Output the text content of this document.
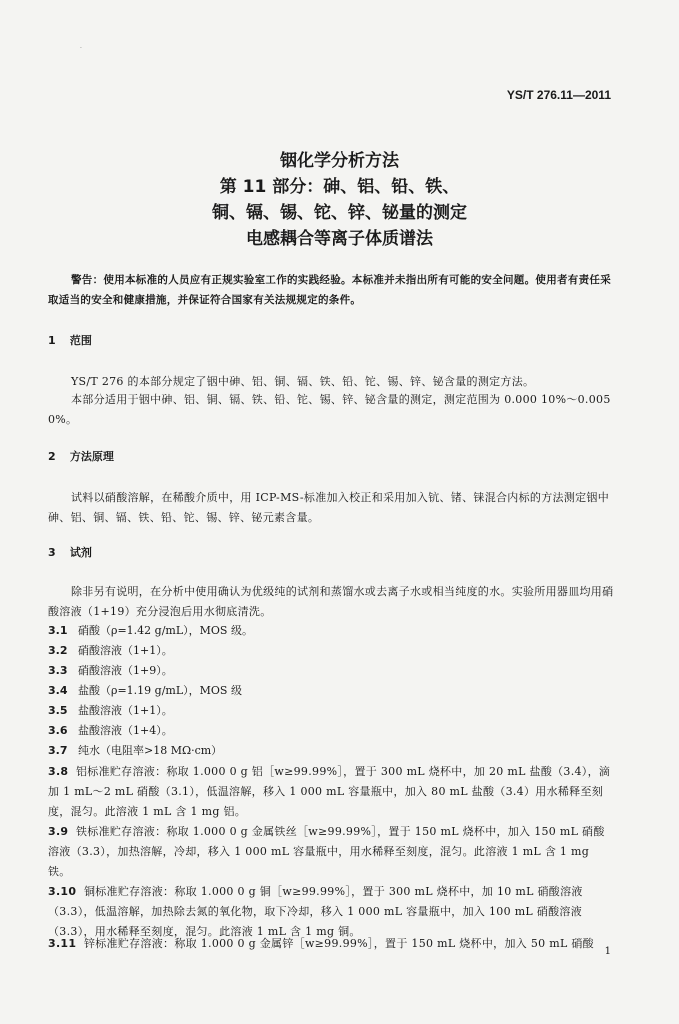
·
YS/T 276.11—2011
铟化学分析方法
第 11 部分：砷、铝、铅、铁、
铜、镉、锡、铊、锌、铋量的测定
电感耦合等离子体质谱法
警告：使用本标准的人员应有正规实验室工作的实践经验。本标准并未指出所有可能的安全问题。使用者有责任采取适当的安全和健康措施，并保证符合国家有关法规规定的条件。
1 范围
YS/T 276 的本部分规定了铟中砷、铝、铜、镉、铁、铅、铊、锡、锌、铋含量的测定方法。
本部分适用于铟中砷、铝、铜、镉、铁、铅、铊、锡、锌、铋含量的测定，测定范围为 0.000 10%～0.005 0%。
2 方法原理
试料以硝酸溶解，在稀酸介质中，用 ICP-MS-标准加入校正和采用加入钪、锗、铼混合内标的方法测定铟中砷、铝、铜、镉、铁、铅、铊、锡、锌、铋元素含量。
3 试剂
除非另有说明，在分析中使用确认为优级纯的试剂和蒸馏水或去离子水或相当纯度的水。实验所用器皿均用硝酸溶液（1+19）充分浸泡后用水彻底清洗。
3.1 硝酸（ρ=1.42 g/mL），MOS 级。
3.2 硝酸溶液（1+1）。
3.3 硝酸溶液（1+9）。
3.4 盐酸（ρ=1.19 g/mL），MOS 级
3.5 盐酸溶液（1+1）。
3.6 盐酸溶液（1+4）。
3.7 纯水（电阻率>18 MΩ·cm）
3.8 铝标准贮存溶液：称取 1.000 0 g 铝［w≥99.99%］，置于 300 mL 烧杯中，加 20 mL 盐酸（3.4），滴加 1 mL～2 mL 硝酸（3.1），低温溶解，移入 1 000 mL 容量瓶中，加入 80 mL 盐酸（3.4）用水稀释至刻度，混匀。此溶液 1 mL 含 1 mg 铝。
3.9 铁标准贮存溶液：称取 1.000 0 g 金属铁丝［w≥99.99%］，置于 150 mL 烧杯中，加入 150 mL 硝酸溶液（3.3），加热溶解，冷却，移入 1 000 mL 容量瓶中，用水稀释至刻度，混匀。此溶液 1 mL 含 1 mg 铁。
3.10 铜标准贮存溶液：称取 1.000 0 g 铜［w≥99.99%］，置于 300 mL 烧杯中，加 10 mL 硝酸溶液（3.3），低温溶解，加热除去氮的氧化物，取下冷却，移入 1 000 mL 容量瓶中，加入 100 mL 硝酸溶液（3.3），用水稀释至刻度，混匀。此溶液 1 mL 含 1 mg 铜。
3.11 锌标准贮存溶液：称取 1.000 0 g 金属锌［w≥99.99%］，置于 150 mL 烧杯中，加入 50 mL 硝酸
1
